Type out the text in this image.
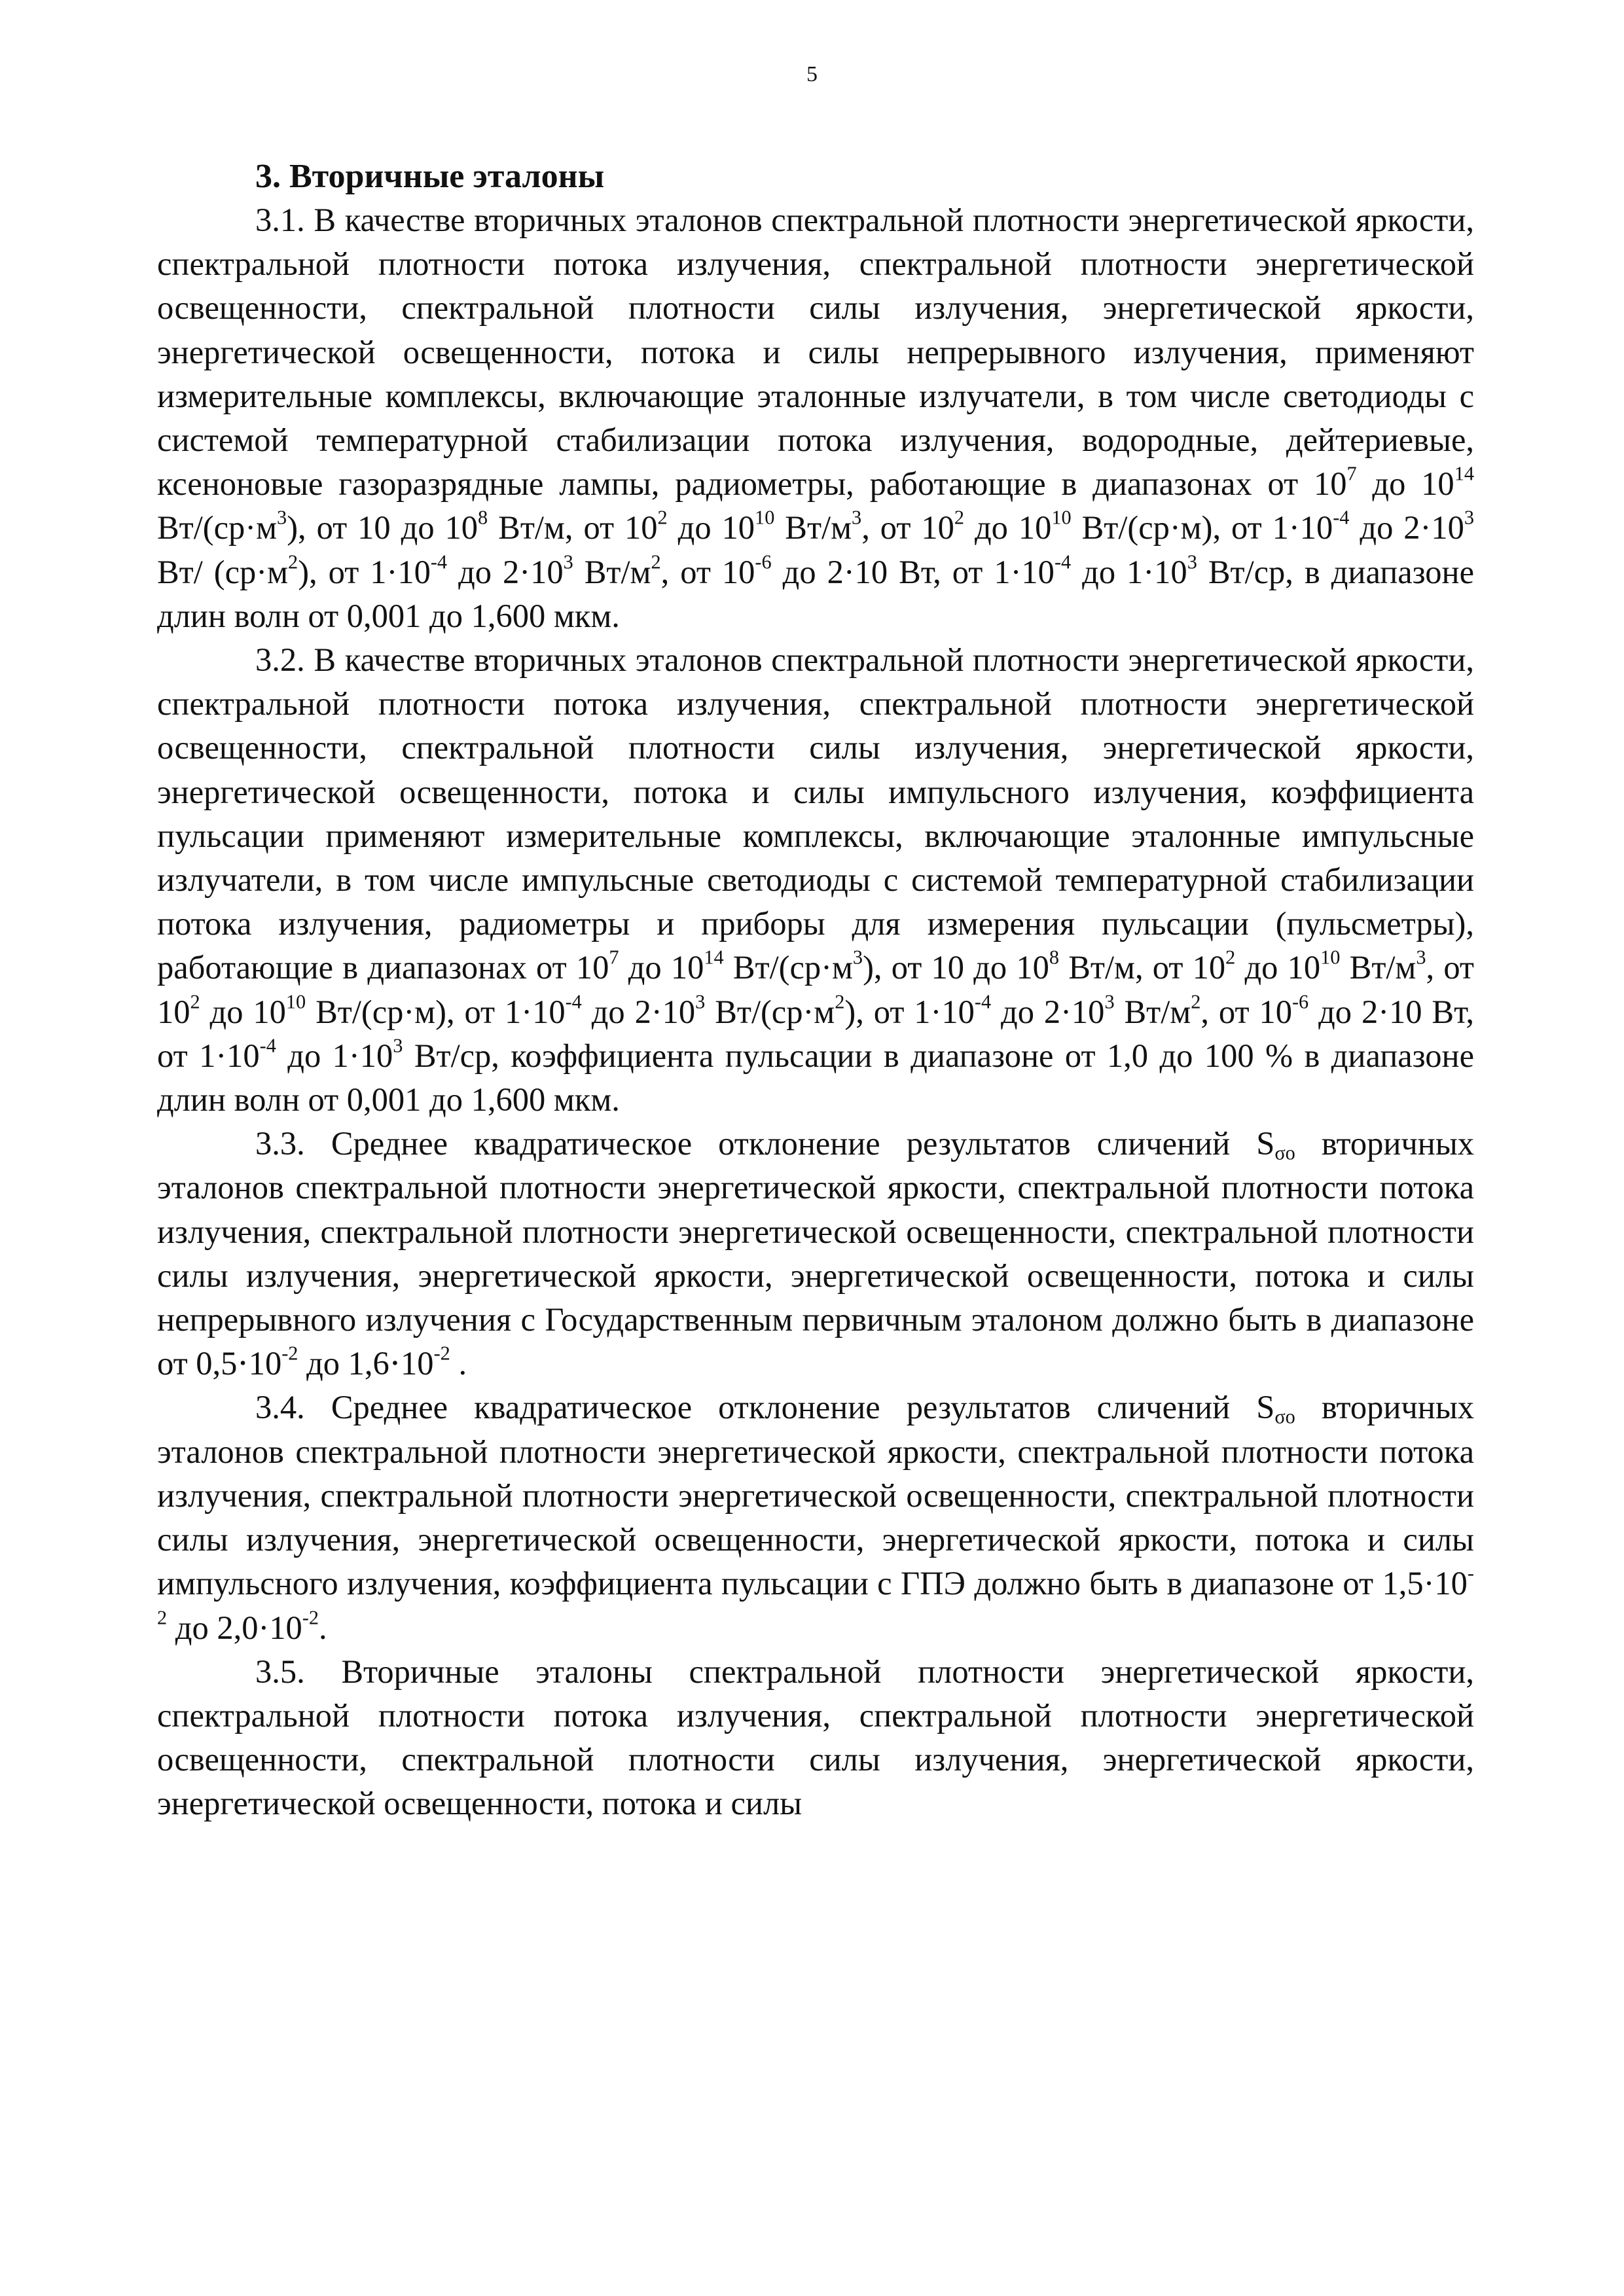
5

3. Вторичные эталоны

3.1. В качестве вторичных эталонов спектральной плотности энергетической яркости, спектральной плотности потока излучения, спектральной плотности энергетической освещенности, спектральной плотности силы излучения, энергетической яркости, энергетической освещенности, потока и силы непрерывного излучения, применяют измерительные комплексы, включающие эталонные излучатели, в том числе светодиоды с системой температурной стабилизации потока излучения, водородные, дейтериевые, ксеноновые газоразрядные лампы, радиометры, работающие в диапазонах от $10^7$ до $10^{14}$ $Вт/(ср\cdot м^3)$, от 10 до $10^8$ Вт/м, от $10^2$ до $10^{10}$ $Вт/м^3$, от $10^2$ до $10^{10}$ Вт/(ср·м), от $1\cdot 10^{-4}$ до $2\cdot 10^3$ Вт/ $(ср\cdot м^2)$, от $1\cdot 10^{-4}$ до $2\cdot 10^3$ $Вт/м^2$, от $10^{-6}$ до 2·10 Вт, от $1\cdot 10^{-4}$ до $1\cdot 10^3$ Вт/ср, в диапазоне длин волн от 0,001 до 1,600 мкм.

3.2. В качестве вторичных эталонов спектральной плотности энергетической яркости, спектральной плотности потока излучения, спектральной плотности энергетической освещенности, спектральной плотности силы излучения, энергетической яркости, энергетической освещенности, потока и силы импульсного излучения, коэффициента пульсации применяют измерительные комплексы, включающие эталонные импульсные излучатели, в том числе импульсные светодиоды с системой температурной стабилизации потока излучения, радиометры и приборы для измерения пульсации (пульсметры), работающие в диапазонах от $10^7$ до $10^{14}$ $Вт/(ср\cdot м^3)$, от 10 до $10^8$ Вт/м, от $10^2$ до $10^{10}$ $Вт/м^3$, от $10^2$ до $10^{10}$ Вт/(ср·м), от $1\cdot 10^{-4}$ до $2\cdot 10^3$ $Вт/(ср\cdot м^2)$, от $1\cdot 10^{-4}$ до $2\cdot 10^3$ $Вт/м^2$, от $10^{-6}$ до 2·10 Вт, от $1\cdot 10^{-4}$ до $1\cdot 10^3$ Вт/ср, коэффициента пульсации в диапазоне от 1,0 до 100 % в диапазоне длин волн от 0,001 до 1,600 мкм.

3.3. Среднее квадратическое отклонение результатов сличений $S_{\sigma о}$ вторичных эталонов спектральной плотности энергетической яркости, спектральной плотности потока излучения, спектральной плотности энергетической освещенности, спектральной плотности силы излучения, энергетической яркости, энергетической освещенности, потока и силы непрерывного излучения с Государственным первичным эталоном должно быть в диапазоне от $0,5\cdot 10^{-2}$ до $1,6\cdot 10^{-2}$ .

3.4. Среднее квадратическое отклонение результатов сличений $S_{\sigma о}$ вторичных эталонов спектральной плотности энергетической яркости, спектральной плотности потока излучения, спектральной плотности энергетической освещенности, спектральной плотности силы излучения, энергетической освещенности, энергетической яркости, потока и силы импульсного излучения, коэффициента пульсации с ГПЭ должно быть в диапазоне от $1,5\cdot 10^{-2}$ до $2,0\cdot 10^{-2}$.

3.5. Вторичные эталоны спектральной плотности энергетической яркости, спектральной плотности потока излучения, спектральной плотности энергетической освещенности, спектральной плотности силы излучения, энергетической яркости, энергетической освещенности, потока и силы
